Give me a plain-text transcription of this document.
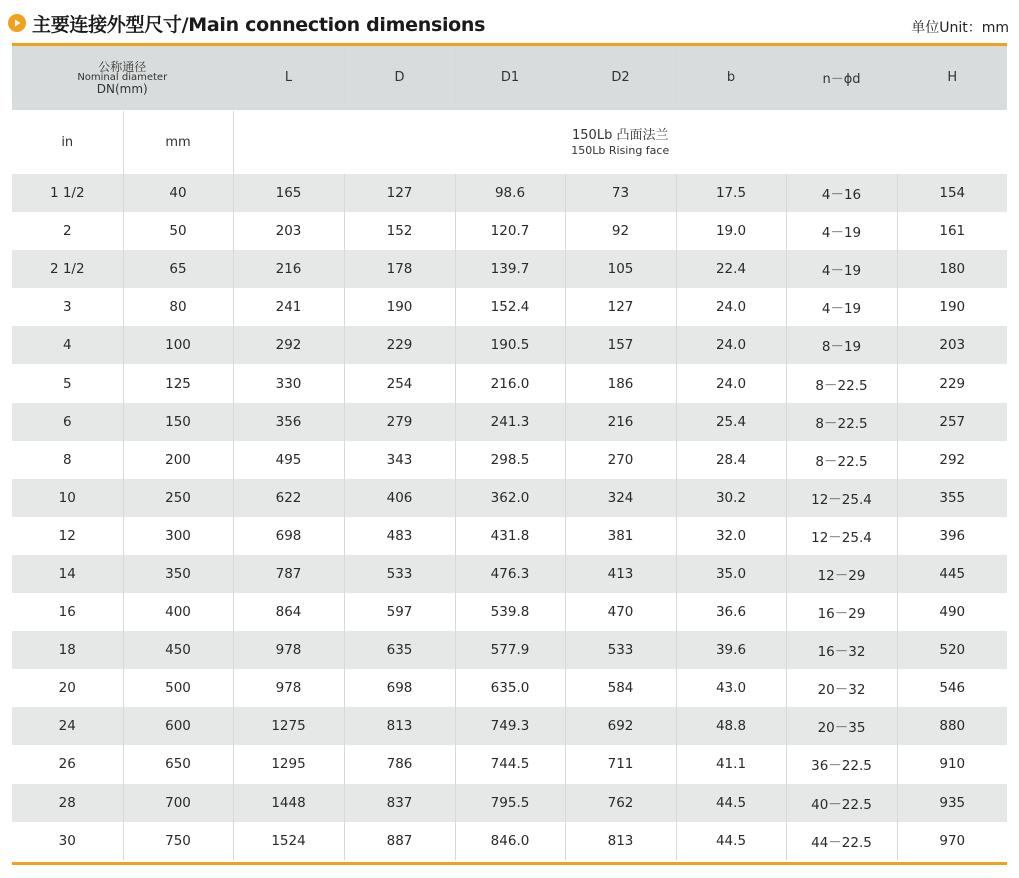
主要连接外型尺寸/Main connection dimensions	单位Unit：mm
公称通径
Nominal diameter
DN(mm)		L	D	D1	D2	b	n－ϕd	H
in	mm	150Lb 凸面法兰
150Lb Rising face						

1 1/2	40	165	127	98.6	73	17.5	4－16	154
2	50	203	152	120.7	92	19.0	4－19	161
2 1/2	65	216	178	139.7	105	22.4	4－19	180
3	80	241	190	152.4	127	24.0	4－19	190
4	100	292	229	190.5	157	24.0	8－19	203
5	125	330	254	216.0	186	24.0	8－22.5	229
6	150	356	279	241.3	216	25.4	8－22.5	257
8	200	495	343	298.5	270	28.4	8－22.5	292
10	250	622	406	362.0	324	30.2	12－25.4	355
12	300	698	483	431.8	381	32.0	12－25.4	396
14	350	787	533	476.3	413	35.0	12－29	445
16	400	864	597	539.8	470	36.6	16－29	490
18	450	978	635	577.9	533	39.6	16－32	520
20	500	978	698	635.0	584	43.0	20－32	546
24	600	1275	813	749.3	692	48.8	20－35	880
26	650	1295	786	744.5	711	41.1	36－22.5	910
28	700	1448	837	795.5	762	44.5	40－22.5	935
30	750	1524	887	846.0	813	44.5	44－22.5	970
